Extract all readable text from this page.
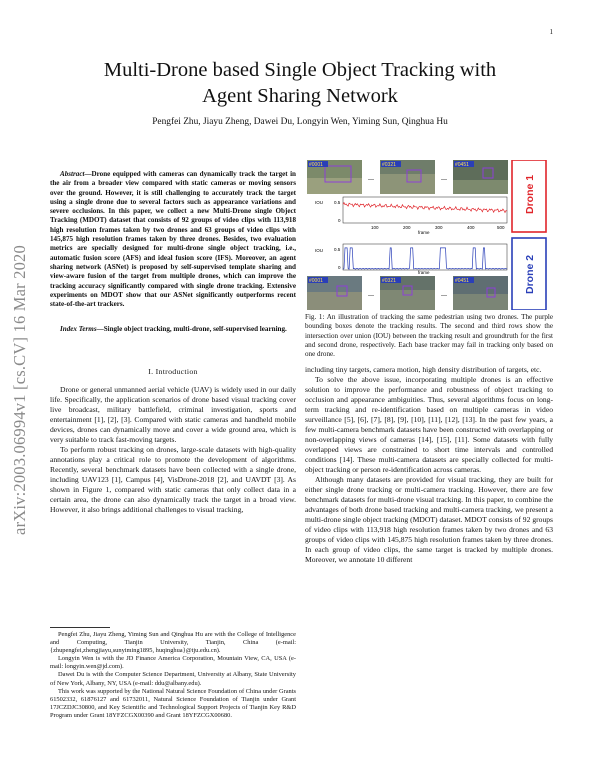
1
arXiv:2003.06994v1 [cs.CV] 16 Mar 2020
Multi-Drone based Single Object Tracking with
Agent Sharing Network
Pengfei Zhu, Jiayu Zheng, Dawei Du, Longyin Wen, Yiming Sun, Qinghua Hu
Abstract—Drone equipped with cameras can dynamically track the target in the air from a broader view compared with static cameras or moving sensors over the ground. However, it is still challenging to accurately track the target using a single drone due to several factors such as appearance variations and severe occlusions. In this paper, we collect a new Multi-Drone single Object Tracking (MDOT) dataset that consists of 92 groups of video clips with 113,918 high resolution frames taken by two drones and 63 groups of video clips with 145,875 high resolution frames taken by three drones. Besides, two evaluation metrics are specially designed for multi-drone single object tracking, i.e., automatic fusion score (AFS) and ideal fusion score (IFS). Moreover, an agent sharing network (ASNet) is proposed by self-supervised template sharing and view-aware fusion of the target from multiple drones, which can improve the tracking accuracy significantly compared with single drone tracking. Extensive experiments on MDOT show that our ASNet significantly outperforms recent state-of-the-art trackers.
Index Terms—Single object tracking, multi-drone, self-supervised learning.
I. Introduction

Drone or general unmanned aerial vehicle (UAV) is widely used in our daily life. Specifically, the application scenarios of drone based visual tracking cover live broadcast, military battlefield, criminal investigation, sports and entertainment [1], [2], [3]. Compared with static cameras and handheld mobile devices, drones can dynamically move and cover a wide ground area, which is very suitable to track fast-moving targets.

To perform robust tracking on drones, large-scale datasets with high-quality annotations play a critical role to promote the development of algorithms. Recently, several benchmark datasets have been collected with a single drone, including UAV123 [1], Campus [4], VisDrone-2018 [2], and UAVDT [3]. As shown in Figure 1, compared with static cameras that only collect data in a certain area, the drone can also dynamically track the target in a broad view. However, it also brings additional challenges to visual tracking,

Pengfei Zhu, Jiayu Zheng, Yiming Sun and Qinghua Hu are with the College of Intelligence and Computing, Tianjin University, Tianjin, China (e-mail: {zhupengfei,zhengjiayu,sunyiming1895, huqinghua}@tju.edu.cn).

Longyin Wen is with the JD Finance America Corporation, Mountain View, CA, USA (e-mail: longyin.wen@jd.com).

Dawei Du is with the Computer Science Department, University at Albany, State University of New York, Albany, NY, USA (e-mail: ddu@albany.edu).

This work was supported by the National Natural Science Foundation of China under Grants 61502332, 61876127 and 61732011, Natural Science Foundation of Tianjin under Grant 17JCZDJC30800, and Key Scientific and Technological Support Projects of Tianjin Key R&D Program under Grant 18YFZCGX00390 and Grant 18YFZCGX00680.

#0001
...
#0321
...
#0451
Drone 1
IOU 0.5
0
100	200	300	400	500
frame
Drone 2
IOU 0.5
0
frame
#0001
...
#0321
...
#0451
Fig. 1: An illustration of tracking the same pedestrian using two drones. The purple bounding boxes denote the tracking results. The second and third rows show the intersection over union (IOU) between the tracking result and groundtruth for the first and second drone, respectively. Each base tracker may fail in tracking only based on one drone.

including tiny targets, camera motion, high density distribution of targets, etc.

To solve the above issue, incorporating multiple drones is an effective solution to improve the performance and robustness of object tracking to occlusion and appearance ambiguities. Thus, several algorithms focus on long-term tracking and re-identification based on multiple cameras in video surveillance [5], [6], [7], [8], [9], [10], [11], [12], [13]. In the past few years, a few multi-camera benchmark datasets have been constructed with overlapping or non-overlapping views of cameras [14], [15], [11]. Some datasets with fully overlapped views are constrained to short time intervals and controlled conditions [14]. These multi-camera datasets are specially collected for multi-object tracking or person re-identification across cameras.

Although many datasets are provided for visual tracking, they are built for either single drone tracking or multi-camera tracking. However, there are few benchmark datasets for multi-drone visual tracking. In this paper, to combine the advantages of both drone based tracking and multi-camera tracking, we present a multi-drone single object tracking (MDOT) dataset. MDOT consists of 92 groups of video clips with 113,918 high resolution frames taken by two drones and 63 groups of video clips with 145,875 high resolution frames taken by three drones. In each group of video clips, the same target is tracked by multiple drones. Moreover, we annotate 10 different
